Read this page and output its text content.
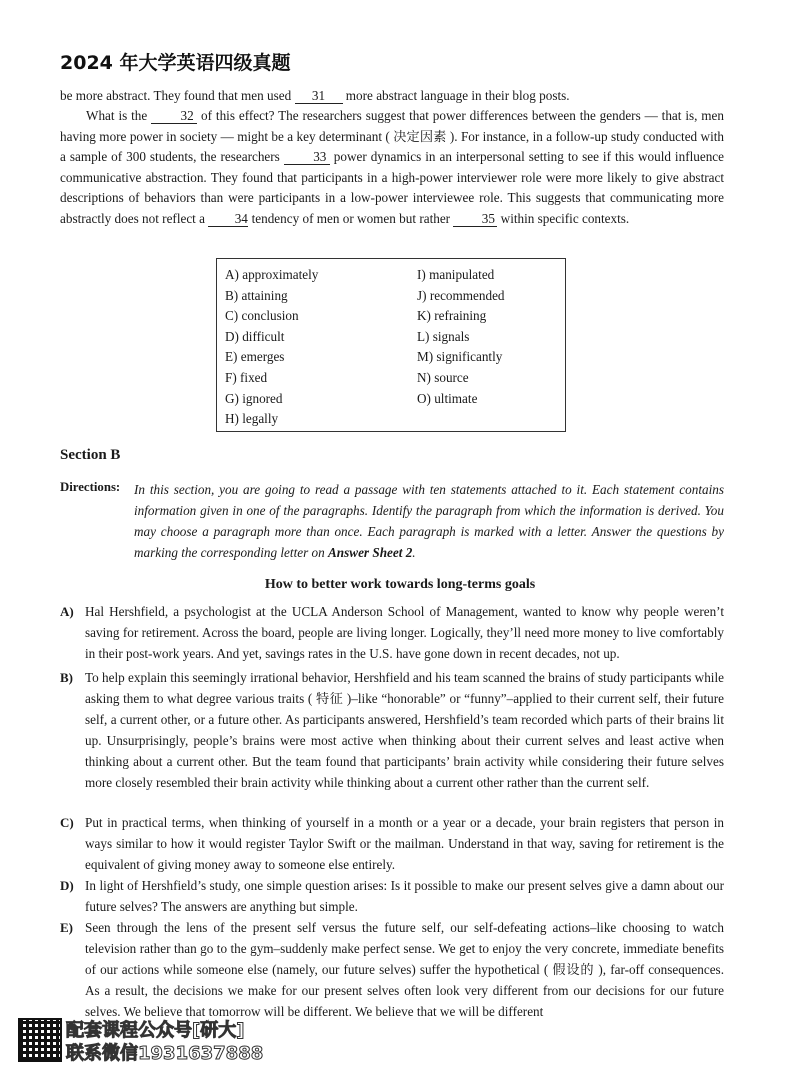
2024 年大学英语四级真题
be more abstract. They found that men used 31 more abstract language in their blog posts.
What is the	32 of this effect? The researchers suggest that power differences between the genders — that is, men having more power in society — might be a key determinant ( 决定因素 ). For instance, in a follow-up study conducted with a sample of 300 students, the researchers	33 power dynamics in an interpersonal setting to see if this would influence communicative abstraction. They found that participants in a high-power interviewer role were more likely to give abstract descriptions of behaviors than were participants in a low-power interviewee role. This suggests that communicating more abstractly does not reflect a 34 tendency of men or women but rather 35 within specific contexts.
A) approximately
B) attaining
C) conclusion
D) difficult
E) emerges
F) fixed
G) ignored
H) legally
I) manipulated
J) recommended
K) refraining
L) signals
M) significantly
N) source
O) ultimate
Section B
Directions: In this section, you are going to read a passage with ten statements attached to it. Each statement contains information given in one of the paragraphs. Identify the paragraph from which the information is derived. You may choose a paragraph more than once. Each paragraph is marked with a letter. Answer the questions by marking the corresponding letter on Answer Sheet 2.
How to better work towards long-terms goals
A) Hal Hershfield, a psychologist at the UCLA Anderson School of Management, wanted to know why people weren’t saving for retirement. Across the board, people are living longer. Logically, they’ll need more money to live comfortably in their post-work years. And yet, savings rates in the U.S. have gone down in recent decades, not up.
B) To help explain this seemingly irrational behavior, Hershfield and his team scanned the brains of study participants while asking them to what degree various traits ( 特征 )–like “honorable” or “funny”–applied to their current self, their future self, a current other, or a future other. As participants answered, Hershfield’s team recorded which parts of their brains lit up. Unsurprisingly, people’s brains were most active when thinking about their current selves and least active when thinking about a current other. But the team found that participants’ brain activity while considering their future selves more closely resembled their brain activity while thinking about a current other rather than the current self.
C) Put in practical terms, when thinking of yourself in a month or a year or a decade, your brain registers that person in ways similar to how it would register Taylor Swift or the mailman. Understand in that way, saving for retirement is the equivalent of giving money away to someone else entirely.
D) In light of Hershfield’s study, one simple question arises: Is it possible to make our present selves give a damn about our future selves? The answers are anything but simple.
E) Seen through the lens of the present self versus the future self, our self-defeating actions–like choosing to watch television rather than go to the gym–suddenly make perfect sense. We get to enjoy the very concrete, immediate benefits of our actions while someone else (namely, our future selves) suffer the hypothetical ( 假设的 ), far-off consequences. As a result, the decisions we make for our present selves often look very different from our decisions for our future selves. We believe that tomorrow will be different. We believe that we will be different
配套课程公众号[研大]
联系微信1931637888
